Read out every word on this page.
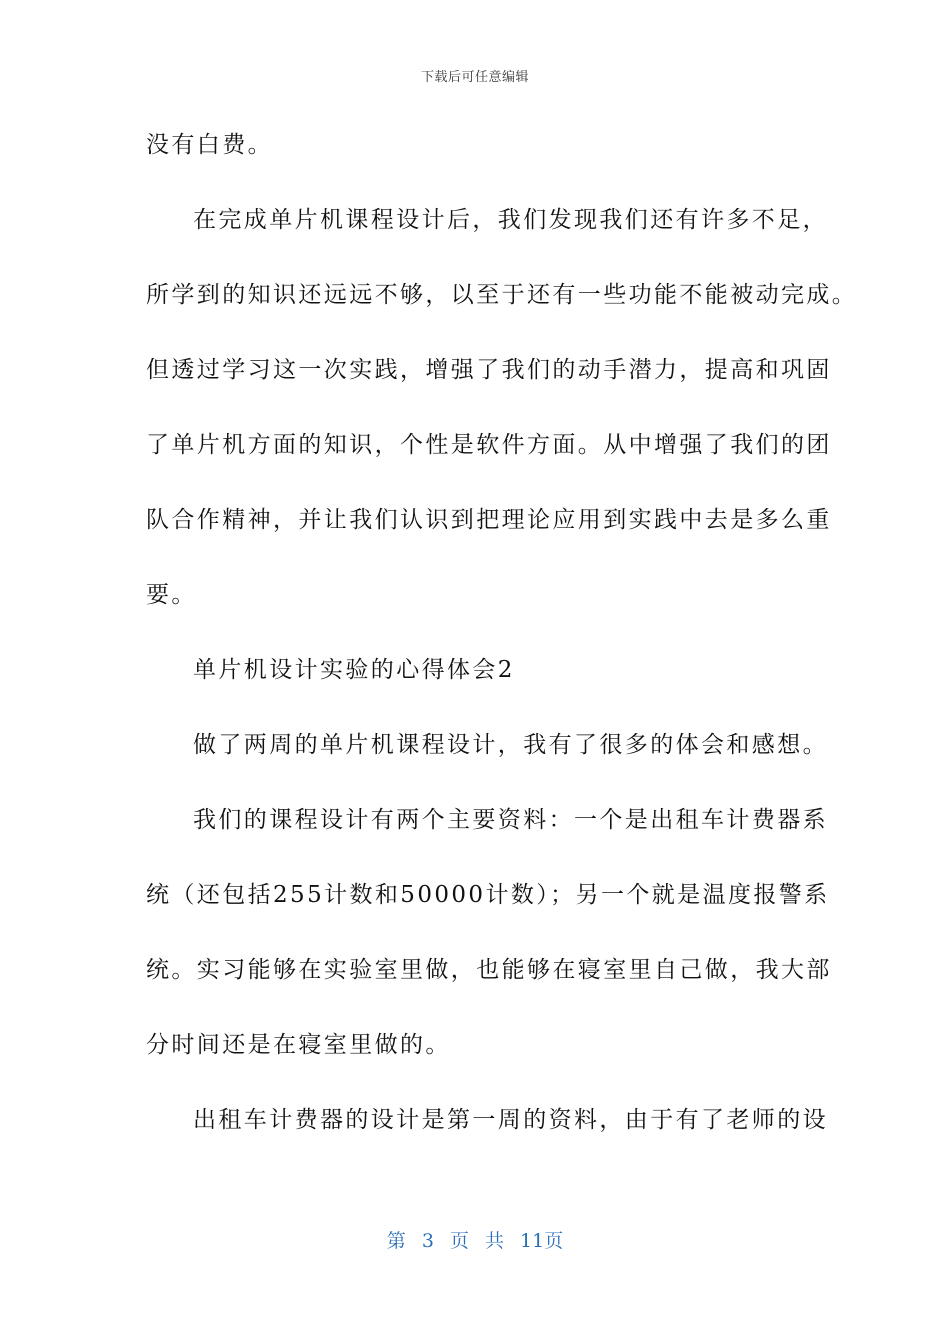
下载后可任意编辑
没有白费。
在完成单片机课程设计后，我们发现我们还有许多不足，
所学到的知识还远远不够，以至于还有一些功能不能被动完成。
但透过学习这一次实践，增强了我们的动手潜力，提高和巩固
了单片机方面的知识，个性是软件方面。从中增强了我们的团
队合作精神，并让我们认识到把理论应用到实践中去是多么重
要。
单片机设计实验的心得体会2
做了两周的单片机课程设计，我有了很多的体会和感想。
我们的课程设计有两个主要资料：一个是出租车计费器系
统（还包括255计数和50000计数）；另一个就是温度报警系
统。实习能够在实验室里做，也能够在寝室里自己做，我大部
分时间还是在寝室里做的。
出租车计费器的设计是第一周的资料，由于有了老师的设
第 3 页 共 11页
